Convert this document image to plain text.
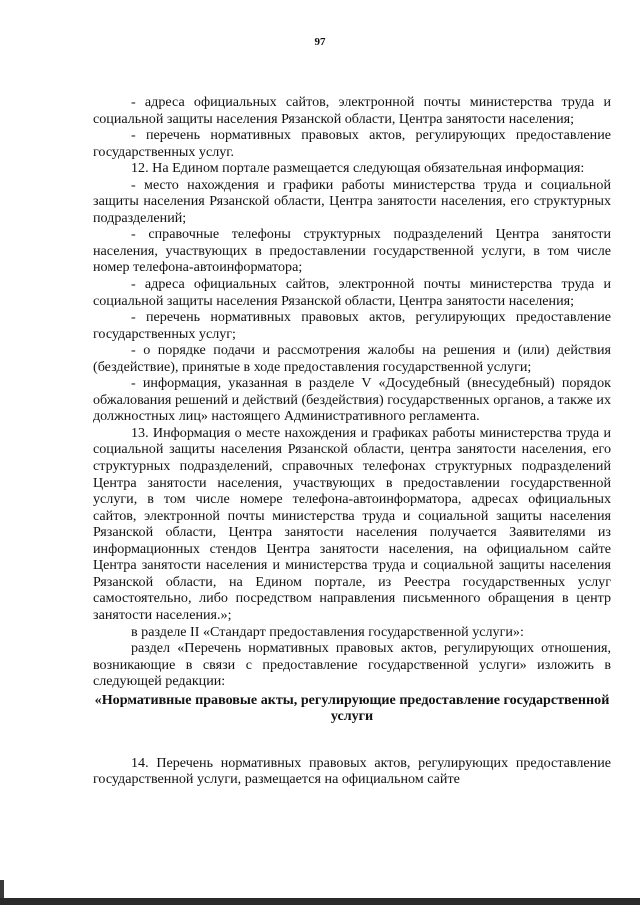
97

- адреса официальных сайтов, электронной почты министерства труда и социальной защиты населения Рязанской области, Центра занятости населения;

- перечень нормативных правовых актов, регулирующих предоставление государственных услуг.

12. На Едином портале размещается следующая обязательная информация:

- место нахождения и графики работы министерства труда и социальной защиты населения Рязанской области, Центра занятости населения, его структурных подразделений;

- справочные телефоны структурных подразделений Центра занятости населения, участвующих в предоставлении государственной услуги, в том числе номер телефона-автоинформатора;

- адреса официальных сайтов, электронной почты министерства труда и социальной защиты населения Рязанской области, Центра занятости населения;

- перечень нормативных правовых актов, регулирующих предоставление государственных услуг;

- о порядке подачи и рассмотрения жалобы на решения и (или) действия (бездействие), принятые в ходе предоставления государственной услуги;

- информация, указанная в разделе V «Досудебный (внесудебный) порядок обжалования решений и действий (бездействия) государственных органов, а также их должностных лиц» настоящего Административного регламента.

13. Информация о месте нахождения и графиках работы министерства труда и социальной защиты населения Рязанской области, центра занятости населения, его структурных подразделений, справочных телефонах структурных подразделений Центра занятости населения, участвующих в предоставлении государственной услуги, в том числе номере телефона-автоинформатора, адресах официальных сайтов, электронной почты министерства труда и социальной защиты населения Рязанской области, Центра занятости населения получается Заявителями из информационных стендов Центра занятости населения, на официальном сайте Центра занятости населения и министерства труда и социальной защиты населения Рязанской области, на Едином портале, из Реестра государственных услуг самостоятельно, либо посредством направления письменного обращения в центр занятости населения.»;

в разделе II «Стандарт предоставления государственной услуги»:

раздел «Перечень нормативных правовых актов, регулирующих отношения, возникающие в связи с предоставление государственной услуги» изложить в следующей редакции:

«Нормативные правовые акты, регулирующие предоставление государственной услуги

14. Перечень нормативных правовых актов, регулирующих предоставление государственной услуги, размещается на официальном сайте
